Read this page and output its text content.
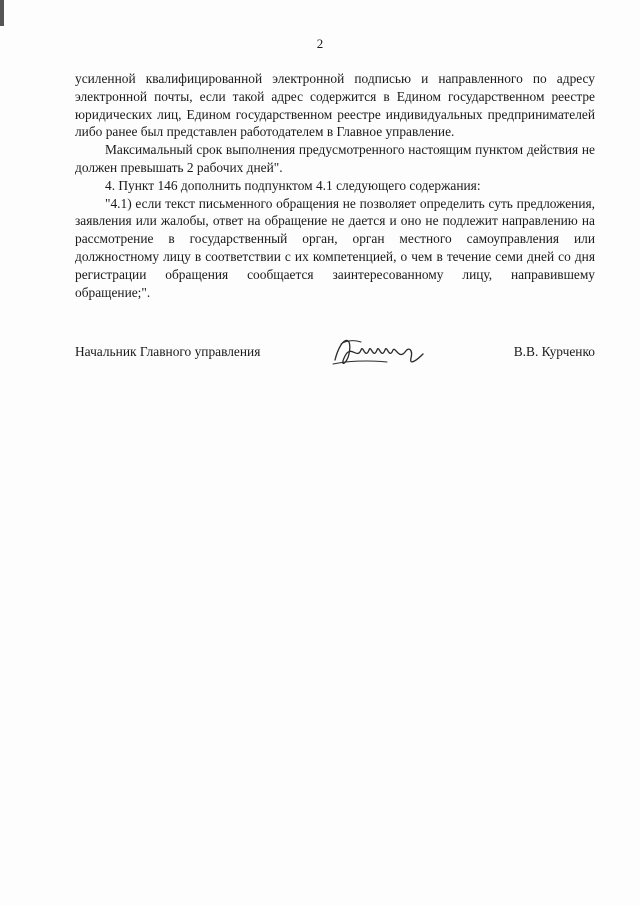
2

усиленной квалифицированной электронной подписью и направленного по адресу электронной почты, если такой адрес содержится в Едином государственном реестре юридических лиц, Едином государственном реестре индивидуальных предпринимателей либо ранее был представлен работодателем в Главное управление.

Максимальный срок выполнения предусмотренного настоящим пунктом действия не должен превышать 2 рабочих дней".

4. Пункт 146 дополнить подпунктом 4.1 следующего содержания:

"4.1) если текст письменного обращения не позволяет определить суть предложения, заявления или жалобы, ответ на обращение не дается и оно не подлежит направлению на рассмотрение в государственный орган, орган местного самоуправления или должностному лицу в соответствии с их компетенцией, о чем в течение семи дней со дня регистрации обращения сообщается заинтересованному лицу, направившему обращение;".

Начальник Главного управления	В.В. Курченко
